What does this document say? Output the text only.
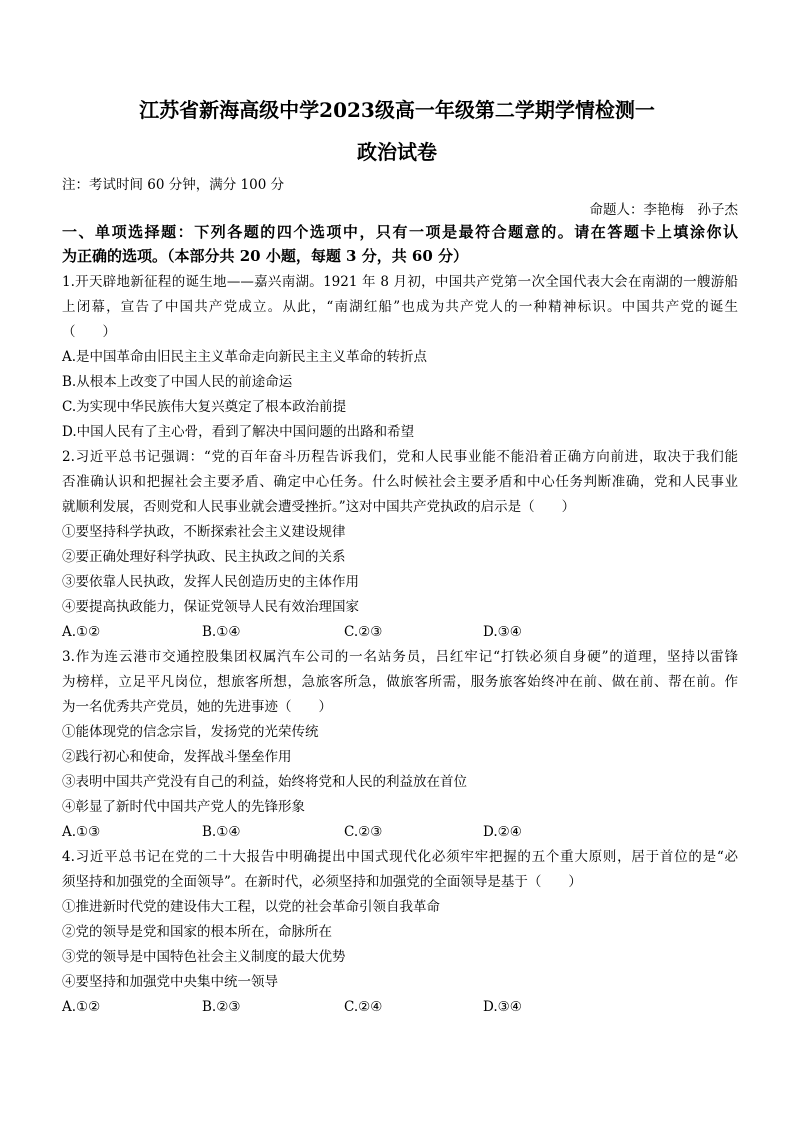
江苏省新海高级中学2023级高一年级第二学期学情检测一
政治试卷
注：考试时间 60 分钟，满分 100 分
命题人：李艳梅　孙子杰
一、单项选择题：下列各题的四个选项中，只有一项是最符合题意的。请在答题卡上填涂你认
为正确的选项。（本部分共 20 小题，每题 3 分，共 60 分）
1.开天辟地新征程的诞生地——嘉兴南湖。1921 年 8 月初，中国共产党第一次全国代表大会在南湖的一艘游船
上闭幕，宣告了中国共产党成立。从此，“南湖红船”也成为共产党人的一种精神标识。中国共产党的诞生
（　　）
A.是中国革命由旧民主主义革命走向新民主主义革命的转折点
B.从根本上改变了中国人民的前途命运
C.为实现中华民族伟大复兴奠定了根本政治前提
D.中国人民有了主心骨，看到了解决中国问题的出路和希望
2.习近平总书记强调：“党的百年奋斗历程告诉我们，党和人民事业能不能沿着正确方向前进，取决于我们能
否准确认识和把握社会主要矛盾、确定中心任务。什么时候社会主要矛盾和中心任务判断准确，党和人民事业
就顺利发展，否则党和人民事业就会遭受挫折。”这对中国共产党执政的启示是（　　）
①要坚持科学执政，不断探索社会主义建设规律
②要正确处理好科学执政、民主执政之间的关系
③要依靠人民执政，发挥人民创造历史的主体作用
④要提高执政能力，保证党领导人民有效治理国家
A.①②	B.①④	C.②③	D.③④
3.作为连云港市交通控股集团权属汽车公司的一名站务员，吕红牢记“打铁必须自身硬”的道理，坚持以雷锋
为榜样，立足平凡岗位，想旅客所想，急旅客所急，做旅客所需，服务旅客始终冲在前、做在前、帮在前。作
为一名优秀共产党员，她的先进事迹（　　）
①能体现党的信念宗旨，发扬党的光荣传统
②践行初心和使命，发挥战斗堡垒作用
③表明中国共产党没有自己的利益，始终将党和人民的利益放在首位
④彰显了新时代中国共产党人的先锋形象
A.①③	B.①④	C.②③	D.②④
4.习近平总书记在党的二十大报告中明确提出中国式现代化必须牢牢把握的五个重大原则，居于首位的是“必
须坚持和加强党的全面领导”。在新时代，必须坚持和加强党的全面领导是基于（　　）
①推进新时代党的建设伟大工程，以党的社会革命引领自我革命
②党的领导是党和国家的根本所在，命脉所在
③党的领导是中国特色社会主义制度的最大优势
④要坚持和加强党中央集中统一领导
A.①②	B.②③	C.②④	D.③④
